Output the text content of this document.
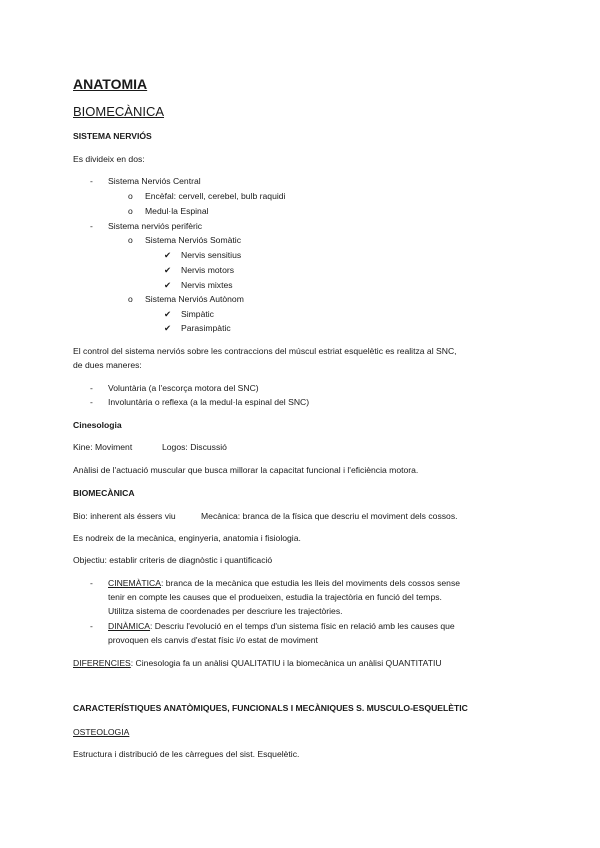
ANATOMIA
BIOMECÀNICA
SISTEMA NERVIÓS
Es divideix en dos:
- Sistema Nerviós Central
o Encèfal: cervell, cerebel, bulb raquidi
o Medul·la Espinal
- Sistema nerviós perifèric
o Sistema Nerviós Somàtic
✔ Nervis sensitius
✔ Nervis motors
✔ Nervis mixtes
o Sistema Nerviós Autònom
✔ Simpàtic
✔ Parasimpàtic
El control del sistema nerviós sobre les contraccions del múscul estriat esquelètic es realitza al SNC,
de dues maneres:
- Voluntària (a l'escorça motora del SNC)
- Involuntària o reflexa (a la medul·la espinal del SNC)
Cinesologia
Kine: Moviment	Logos: Discussió
Anàlisi de l'actuació muscular que busca millorar la capacitat funcional i l'eficiència motora.
BIOMECÀNICA
Bio: inherent als éssers viu	Mecànica: branca de la física que descriu el moviment dels cossos.
Es nodreix de la mecànica, enginyeria, anatomia i fisiologia.
Objectiu: establir criteris de diagnòstic i quantificació
- CINEMÀTICA: branca de la mecànica que estudia les lleis del moviments dels cossos sense
tenir en compte les causes que el produeixen, estudia la trajectòria en funció del temps.
Utilitza sistema de coordenades per descriure les trajectòries.
- DINÀMICA: Descriu l'evolució en el temps d'un sistema físic en relació amb les causes que
provoquen els canvis d'estat físic i/o estat de moviment
DIFERENCIES: Cinesologia fa un anàlisi QUALITATIU i la biomecànica un anàlisi QUANTITATIU
CARACTERÍSTIQUES ANATÒMIQUES, FUNCIONALS I MECÀNIQUES S. MUSCULO-ESQUELÈTIC
OSTEOLOGIA
Estructura i distribució de les càrregues del sist. Esquelètic.
